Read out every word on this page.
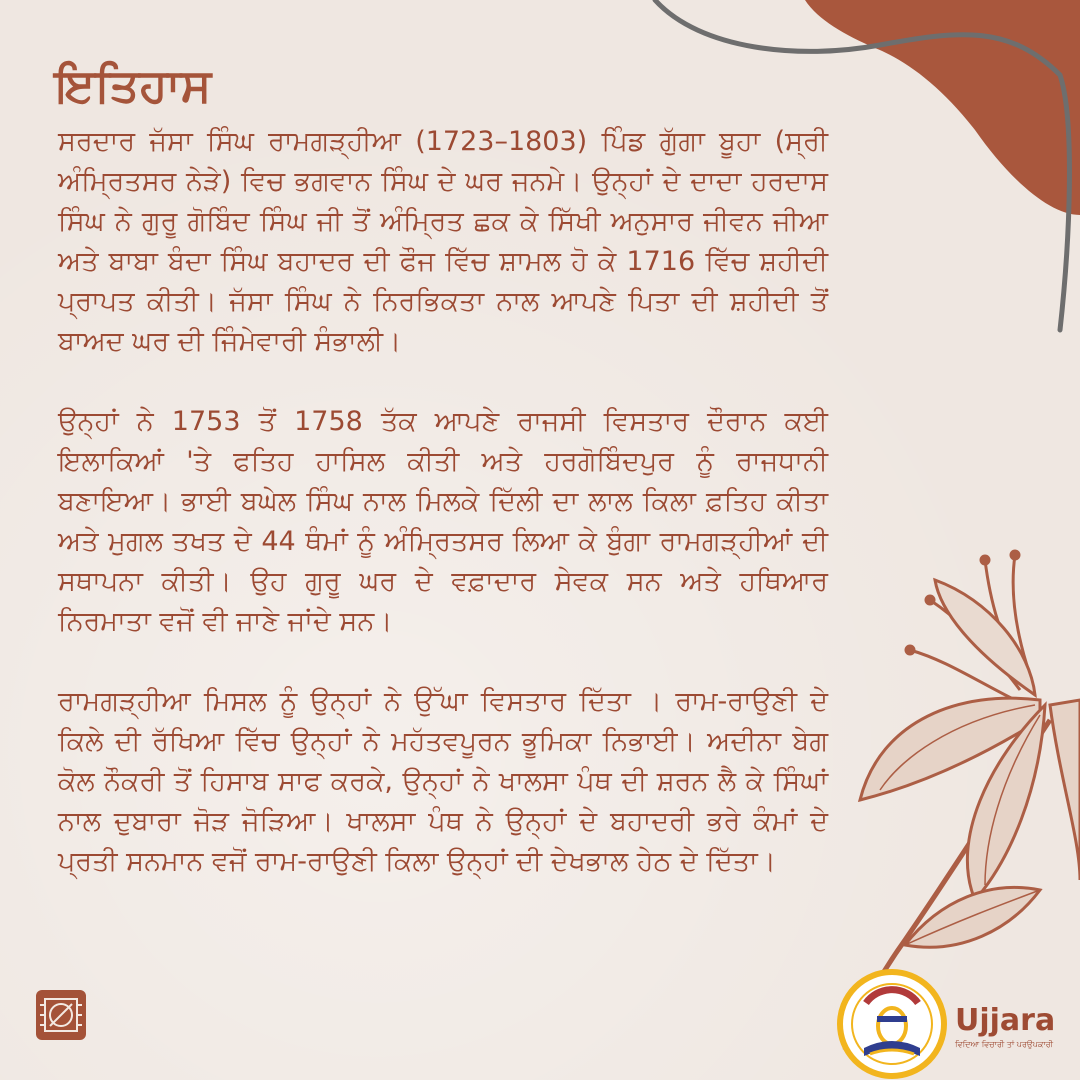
ਇਤਿਹਾਸ

ਸਰਦਾਰ ਜੱਸਾ ਸਿੰਘ ਰਾਮਗੜ੍ਹੀਆ (1723–1803) ਪਿੰਡ ਗੁੱਗਾ ਬੂਹਾ (ਸ੍ਰੀ ਅੰਮ੍ਰਿਤਸਰ ਨੇੜੇ) ਵਿਚ ਭਗਵਾਨ ਸਿੰਘ ਦੇ ਘਰ ਜਨਮੇ। ਉਨ੍ਹਾਂ ਦੇ ਦਾਦਾ ਹਰਦਾਸ ਸਿੰਘ ਨੇ ਗੁਰੂ ਗੋਬਿੰਦ ਸਿੰਘ ਜੀ ਤੋਂ ਅੰਮ੍ਰਿਤ ਛਕ ਕੇ ਸਿੱਖੀ ਅਨੁਸਾਰ ਜੀਵਨ ਜੀਆ ਅਤੇ ਬਾਬਾ ਬੰਦਾ ਸਿੰਘ ਬਹਾਦਰ ਦੀ ਫੌਜ ਵਿੱਚ ਸ਼ਾਮਲ ਹੋ ਕੇ 1716 ਵਿੱਚ ਸ਼ਹੀਦੀ ਪ੍ਰਾਪਤ ਕੀਤੀ। ਜੱਸਾ ਸਿੰਘ ਨੇ ਨਿਰਭਿਕਤਾ ਨਾਲ ਆਪਣੇ ਪਿਤਾ ਦੀ ਸ਼ਹੀਦੀ ਤੋਂ ਬਾਅਦ ਘਰ ਦੀ ਜਿੰਮੇਵਾਰੀ ਸੰਭਾਲੀ।

ਉਨ੍ਹਾਂ ਨੇ 1753 ਤੋਂ 1758 ਤੱਕ ਆਪਣੇ ਰਾਜਸੀ ਵਿਸਤਾਰ ਦੌਰਾਨ ਕਈ ਇਲਾਕਿਆਂ 'ਤੇ ਫਤਿਹ ਹਾਸਿਲ ਕੀਤੀ ਅਤੇ ਹਰਗੋਬਿੰਦਪੁਰ ਨੂੰ ਰਾਜਧਾਨੀ ਬਣਾਇਆ। ਭਾਈ ਬਘੇਲ ਸਿੰਘ ਨਾਲ ਮਿਲਕੇ ਦਿੱਲੀ ਦਾ ਲਾਲ ਕਿਲਾ ਫ਼ਤਿਹ ਕੀਤਾ ਅਤੇ ਮੁਗਲ ਤਖਤ ਦੇ 44 ਥੰਮਾਂ ਨੂੰ ਅੰਮ੍ਰਿਤਸਰ ਲਿਆ ਕੇ ਬੁੰਗਾ ਰਾਮਗੜ੍ਹੀਆਂ ਦੀ ਸਥਾਪਨਾ ਕੀਤੀ। ਉਹ ਗੁਰੂ ਘਰ ਦੇ ਵਫ਼ਾਦਾਰ ਸੇਵਕ ਸਨ ਅਤੇ ਹਥਿਆਰ ਨਿਰਮਾਤਾ ਵਜੋਂ ਵੀ ਜਾਣੇ ਜਾਂਦੇ ਸਨ।

ਰਾਮਗੜ੍ਹੀਆ ਮਿਸਲ ਨੂੰ ਉਨ੍ਹਾਂ ਨੇ ਉੱਘਾ ਵਿਸਤਾਰ ਦਿੱਤਾ । ਰਾਮ-ਰਾਉਣੀ ਦੇ ਕਿਲੇ ਦੀ ਰੱਖਿਆ ਵਿੱਚ ਉਨ੍ਹਾਂ ਨੇ ਮਹੱਤਵਪੂਰਨ ਭੂਮਿਕਾ ਨਿਭਾਈ। ਅਦੀਨਾ ਬੇਗ ਕੋਲ ਨੌਕਰੀ ਤੋਂ ਹਿਸਾਬ ਸਾਫ ਕਰਕੇ, ਉਨ੍ਹਾਂ ਨੇ ਖਾਲਸਾ ਪੰਥ ਦੀ ਸ਼ਰਨ ਲੈ ਕੇ ਸਿੰਘਾਂ ਨਾਲ ਦੁਬਾਰਾ ਜੋੜ ਜੋੜਿਆ। ਖਾਲਸਾ ਪੰਥ ਨੇ ਉਨ੍ਹਾਂ ਦੇ ਬਹਾਦਰੀ ਭਰੇ ਕੰਮਾਂ ਦੇ ਪ੍ਰਤੀ ਸਨਮਾਨ ਵਜੋਂ ਰਾਮ-ਰਾਉਣੀ ਕਿਲਾ ਉਨ੍ਹਾਂ ਦੀ ਦੇਖਭਾਲ ਹੇਠ ਦੇ ਦਿੱਤਾ।

Ujjara
ਵਿਦਿਆ ਵਿਚਾਰੀ ਤਾਂ ਪਰਉਪਕਾਰੀ
